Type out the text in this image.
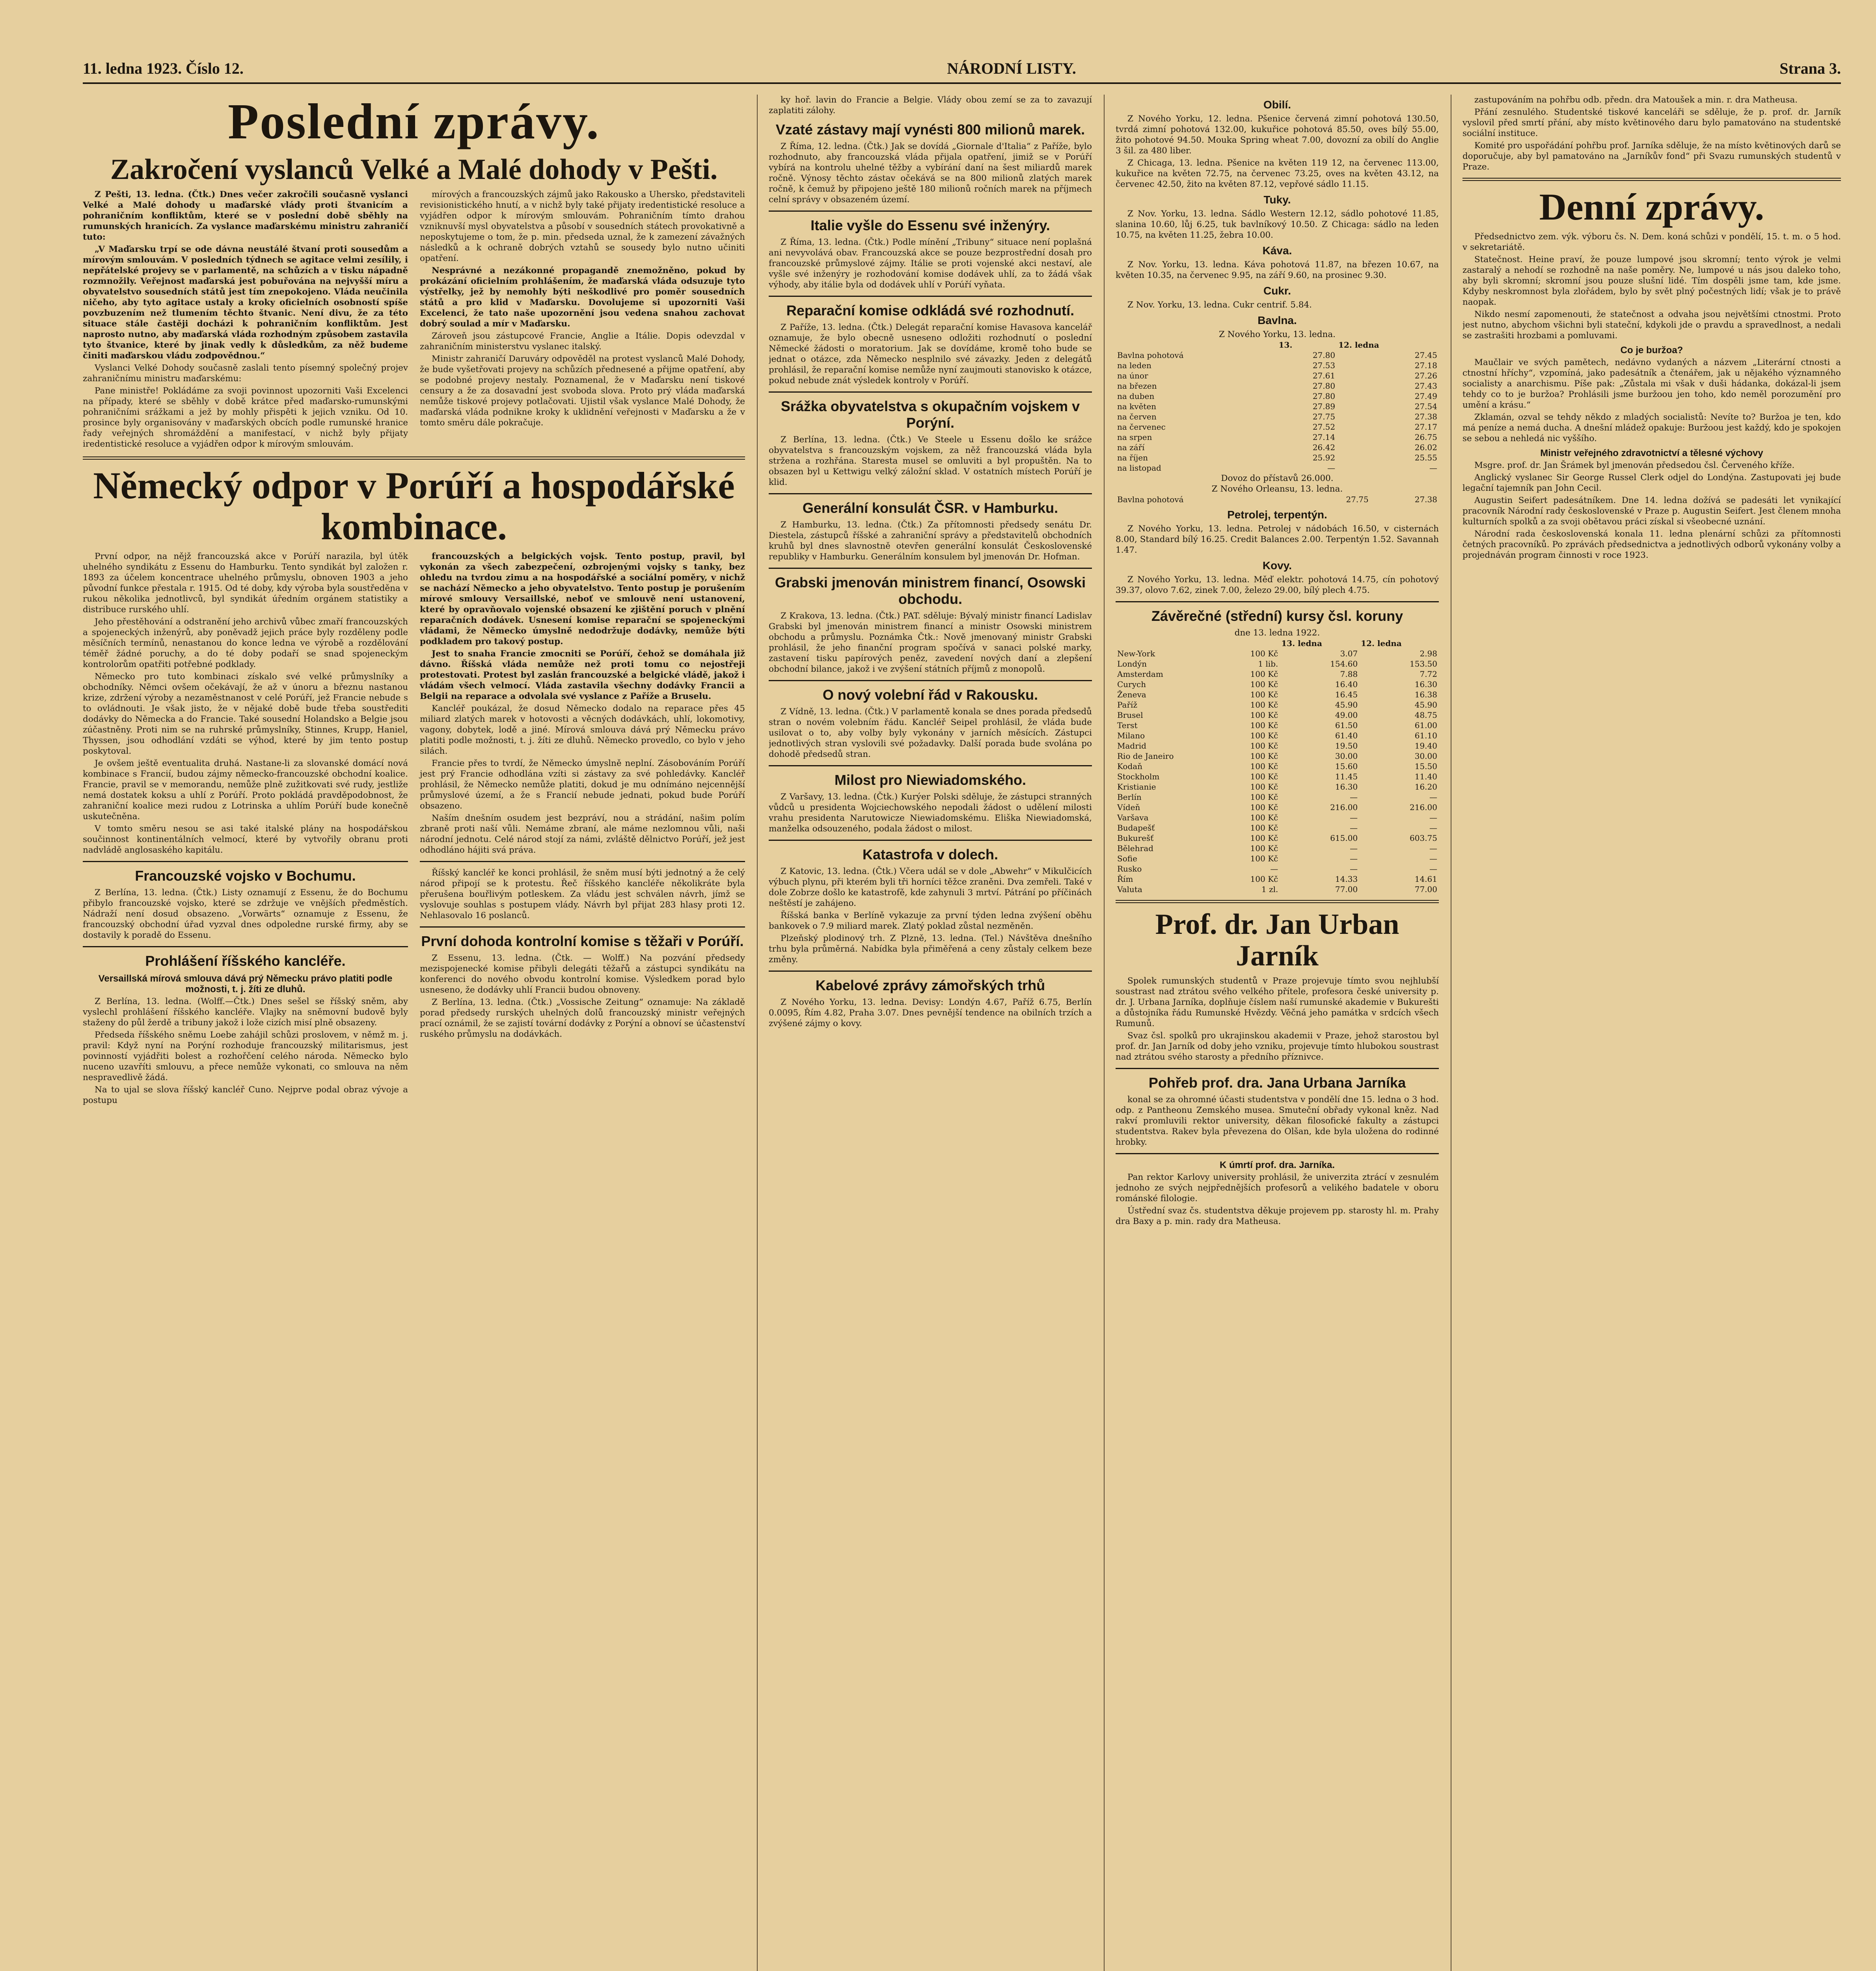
11. ledna 1923. Číslo 12.	NÁRODNÍ LISTY.	Strana 3.
Poslední zprávy.
Zakročení vyslanců Velké a Malé dohody v Pešti.

Z Pešti, 13. ledna. (Čtk.) Dnes večer zakročili současně vyslanci Velké a Malé dohody u maďarské vlády proti štvanicím a pohraničním konfliktům, které se v poslední době sběhly na rumunských hranicích. Za vyslance maďarskému ministru zahraničí tuto:

„V Maďarsku trpí se ode dávna neustálé štvaní proti sousedům a mírovým smlouvám. V posledních týdnech se agitace velmi zesílily, i nepřátelské projevy se v parlamentě, na schůzích a v tisku nápadně rozmnožily. Veřejnost maďarská jest pobuřována na nejvyšší míru a obyvatelstvo sousedních států jest tím znepokojeno. Vláda neučinila ničeho, aby tyto agitace ustaly a kroky oficielních osobností spíše povzbuzením než tlumením těchto štvanic. Není divu, že za této situace stále častěji docházi k pohraničním konfliktům. Jest naprosto nutno, aby maďarská vláda rozhodným způsobem zastavila tyto štvanice, které by jinak vedly k důsledkům, za něž budeme činiti maďarskou vládu zodpovědnou.“

Vyslanci Velké Dohody současně zaslali tento písemný společný projev zahraničnímu ministru maďarskému:

Pane ministře! Pokládáme za svoji povinnost upozorniti Vaši Excelenci na případy, které se sběhly v době krátce před maďarsko-rumunskými pohraničními srážkami a jež by mohly přispěti k jejich vzniku. Od 10. prosince byly organisovány v maďarských obcích podle rumunské hranice řady veřejných shromáždění a manifestací, v nichž byly přijaty iredentistické resoluce a vyjádřen odpor k mírovým smlouvám.

mírových a francouzských zájmů jako Rakousko a Uhersko, představiteli revisionistického hnutí, a v nichž byly také přijaty iredentistické resoluce a vyjádřen odpor k mírovým smlouvám. Pohraničním tímto drahou vzniknuvší mysl obyvatelstva a působí v sousedních státech provokativně a neposkytujeme o tom, že p. min. předseda uznal, že k zamezení závažných následků a k ochraně dobrých vztahů se sousedy bylo nutno učiniti opatření.

Nesprávné a nezákonné propagandě znemožněno, pokud by prokázání oficielním prohlášením, že maďarská vláda odsuzuje tyto výstřelky, jež by nemohly býti neškodlivé pro poměr sousedních států a pro klid v Maďarsku. Dovolujeme si upozorniti Vaši Excelenci, že tato naše upozornění jsou vedena snahou zachovat dobrý soulad a mír v Maďarsku.

Zároveň jsou zástupcové Francie, Anglie a Itálie. Dopis odevzdal v zahraničním ministerstvu vyslanec italský.

Ministr zahraničí Daruváry odpověděl na protest vyslanců Malé Dohody, že bude vyšetřovati projevy na schůzích přednesené a přijme opatření, aby se podobné projevy nestaly. Poznamenal, že v Maďarsku není tiskové censury a že za dosavadní jest svoboda slova. Proto prý vláda maďarská nemůže tiskové projevy potlačovati. Ujistil však vyslance Malé Dohody, že maďarská vláda podnikne kroky k uklidnění veřejnosti v Maďarsku a že v tomto směru dále pokračuje.

Německý odpor v Porúří a hospodářské kombinace.

První odpor, na nějž francouzská akce v Porúří narazila, byl útěk uhelného syndikátu z Essenu do Hamburku. Tento syndikát byl založen r. 1893 za účelem koncentrace uhelného průmyslu, obnoven 1903 a jeho původní funkce přestala r. 1915. Od té doby, kdy výroba byla soustředěna v rukou několika jednotlivců, byl syndikát úředním orgánem statistiky a distribuce rurského uhlí.

Jeho přestěhování a odstranění jeho archivů vůbec zmaří francouzských a spojeneckých inženýrů, aby poněvadž jejich práce byly rozděleny podle měsíčních termínů, nenastanou do konce ledna ve výrobě a rozdělování téměř žádné poruchy, a do té doby podaří se snad spojeneckým kontrolorům opatřiti potřebné podklady.

Německo pro tuto kombinaci získalo své velké průmyslníky a obchodníky. Němci ovšem očekávají, že až v únoru a březnu nastanou krize, zdržení výroby a nezaměstnanost v celé Porúří, jež Francie nebude s to ovládnouti. Je však jisto, že v nějaké době bude třeba soustřediti dodávky do Německa a do Francie. Také sousední Holandsko a Belgie jsou zúčastněny. Proti nim se na ruhrské průmyslníky, Stinnes, Krupp, Haniel, Thyssen, jsou odhodlání vzdáti se výhod, které by jim tento postup poskytoval.

Je ovšem ještě eventualita druhá. Nastane-li za slovanské domácí nová kombinace s Francií, budou zájmy německo-francouzské obchodní koalice. Francie, pravil se v memorandu, nemůže plně zužitkovati své rudy, jestliže nemá dostatek koksu a uhlí z Porúří. Proto pokládá pravděpodobnost, že zahraniční koalice mezi rudou z Lotrinska a uhlím Porúří bude konečně uskutečněna.

V tomto směru nesou se asi také italské plány na hospodářskou součinnost kontinentálních velmocí, které by vytvořily obranu proti nadvládě anglosaského kapitálu.

Francouzské vojsko v Bochumu.

Z Berlína, 13. ledna. (Čtk.) Listy oznamují z Essenu, že do Bochumu přibylo francouzské vojsko, které se zdržuje ve vnějších předměstích. Nádraží není dosud obsazeno. „Vorwärts“ oznamuje z Essenu, že francouzský obchodní úřad vyzval dnes odpoledne rurské firmy, aby se dostavily k poradě do Essenu.

Prohlášení říšského kancléře.
Versaillská mírová smlouva dává prý Německu právo platiti podle možnosti, t. j. žíti ze dluhů.

Z Berlína, 13. ledna. (Wolff.—Čtk.) Dnes sešel se říšský sněm, aby vyslechl prohlášení říšského kancléře. Vlajky na sněmovní budově byly staženy do půl žerdě a tribuny jakož i lože cizích misí plně obsazeny.

Předseda říšského sněmu Loebe zahájil schůzi proslovem, v němž m. j. pravil: Když nyní na Porýní rozhoduje francouzský militarismus, jest povinností vyjádřiti bolest a rozhořčení celého národa. Německo bylo nuceno uzavříti smlouvu, a přece nemůže vykonati, co smlouva na něm nespravedlivě žádá.

Na to ujal se slova říšský kancléř Cuno. Nejprve podal obraz vývoje a postupu

francouzských a belgických vojsk. Tento postup, pravil, byl vykonán za všech zabezpečení, ozbrojenými vojsky s tanky, bez ohledu na tvrdou zimu a na hospodářské a sociální poměry, v nichž se nachází Německo a jeho obyvatelstvo. Tento postup je porušením mírové smlouvy Versaillské, neboť ve smlouvě není ustanovení, které by opravňovalo vojenské obsazení ke zjištění poruch v plnění reparačních dodávek. Usnesení komise reparační se spojeneckými vládami, že Německo úmyslně nedodržuje dodávky, nemůže býti podkladem pro takový postup.

Jest to snaha Francie zmocniti se Porúří, čehož se domáhala již dávno. Říšská vláda nemůže než proti tomu co nejostřeji protestovati. Protest byl zaslán francouzské a belgické vládě, jakož i vládám všech velmocí. Vláda zastavila všechny dodávky Francii a Belgii na reparace a odvolala své vyslance z Paříže a Bruselu.

Kancléř poukázal, že dosud Německo dodalo na reparace přes 45 miliard zlatých marek v hotovosti a věcných dodávkách, uhlí, lokomotivy, vagony, dobytek, lodě a jiné. Mírová smlouva dává prý Německu právo platiti podle možnosti, t. j. žíti ze dluhů. Německo provedlo, co bylo v jeho silách.

Francie přes to tvrdí, že Německo úmyslně neplní. Zásobováním Porúří jest prý Francie odhodlána vzíti si zástavy za své pohledávky. Kancléř prohlásil, že Německo nemůže platiti, dokud je mu odnímáno nejcennější průmyslové území, a že s Francií nebude jednati, pokud bude Porúří obsazeno.

Naším dnešním osudem jest bezpráví, nou a strádání, našim polím zbraně proti naší vůli. Nemáme zbraní, ale máme nezlomnou vůli, naši národní jednotu. Celé národ stojí za námi, zvláště dělnictvo Porúří, jež jest odhodláno hájiti svá práva.

Říšský kancléř ke konci prohlásil, že sněm musí býti jednotný a že celý národ připojí se k protestu. Řeč říšského kancléře několikráte byla přerušena bouřlivým potleskem. Za vládu jest schválen návrh, jímž se vyslovuje souhlas s postupem vlády. Návrh byl přijat 283 hlasy proti 12. Nehlasovalo 16 poslanců.

První dohoda kontrolní komise s těžaři v Porúří.

Z Essenu, 13. ledna. (Čtk. — Wolff.) Na pozvání předsedy mezispojenecké komise přibyli delegáti těžařů a zástupci syndikátu na konferenci do nového obvodu kontrolní komise. Výsledkem porad bylo usneseno, že dodávky uhlí Francii budou obnoveny.

Z Berlína, 13. ledna. (Čtk.) „Vossische Zeitung“ oznamuje: Na základě porad předsedy rurských uhelných dolů francouzský ministr veřejných prací oznámil, že se zajistí tovární dodávky z Porýní a obnoví se účastenství ruského průmyslu na dodávkách.

ky hoř. lavin do Francie a Belgie. Vlády obou zemí se za to zavazují zaplatiti zálohy.

Vzaté zástavy mají vynésti 800 milionů marek.

Z Říma, 12. ledna. (Čtk.) Jak se dovídá „Giornale d'Italia“ z Paříže, bylo rozhodnuto, aby francouzská vláda přijala opatření, jimiž se v Porúří vybírá na kontrolu uhelné těžby a vybírání daní na šest miliardů marek ročně. Výnosy těchto zástav očekává se na 800 milionů zlatých marek ročně, k čemuž by připojeno ještě 180 milionů ročních marek na příjmech celní správy v obsazeném území.

Italie vyšle do Essenu své inženýry.

Z Říma, 13. ledna. (Čtk.) Podle mínění „Tribuny“ situace není poplašná ani nevyvolává obav. Francouzská akce se pouze bezprostřední dosah pro francouzské průmyslové zájmy. Itálie se proti vojenské akci nestaví, ale vyšle své inženýry je rozhodování komise dodávek uhlí, za to žádá však výhody, aby itálie byla od dodávek uhlí v Porúří vyňata.

Reparační komise odkládá své rozhodnutí.

Z Paříže, 13. ledna. (Čtk.) Delegát reparační komise Havasova kancelář oznamuje, že bylo obecně usneseno odložiti rozhodnutí o poslední Německé žádosti o moratorium. Jak se dovídáme, kromě toho bude se jednat o otázce, zda Německo nesplnilo své závazky. Jeden z delegátů prohlásil, že reparační komise nemůže nyní zaujmouti stanovisko k otázce, pokud nebude znát výsledek kontroly v Porúří.

Srážka obyvatelstva s okupačním vojskem v Porýní.

Z Berlína, 13. ledna. (Čtk.) Ve Steele u Essenu došlo ke srážce obyvatelstva s francouzským vojskem, za něž francouzská vláda byla stržena a rozhřána. Staresta musel se omluviti a byl propuštěn. Na to obsazen byl u Kettwigu velký záložní sklad. V ostatních místech Porúří je klid.

Generální konsulát ČSR. v Hamburku.

Z Hamburku, 13. ledna. (Čtk.) Za přítomnosti předsedy senátu Dr. Diestela, zástupců říšské a zahraniční správy a představitelů obchodních kruhů byl dnes slavnostně otevřen generální konsulát Československé republiky v Hamburku. Generálním konsulem byl jmenován Dr. Hofman.

Grabski jmenován ministrem financí, Osowski obchodu.

Z Krakova, 13. ledna. (Čtk.) PAT. sděluje: Bývalý ministr financí Ladislav Grabski byl jmenován ministrem financí a ministr Osowski ministrem obchodu a průmyslu. Poznámka Čtk.: Nově jmenovaný ministr Grabski prohlásil, že jeho finanční program spočívá v sanaci polské marky, zastavení tisku papírových peněz, zavedení nových daní a zlepšení obchodní bilance, jakož i ve zvýšení státních příjmů z monopolů.

O nový volební řád v Rakousku.

Z Vídně, 13. ledna. (Čtk.) V parlamentě konala se dnes porada předsedů stran o novém volebním řádu. Kancléř Seipel prohlásil, že vláda bude usilovat o to, aby volby byly vykonány v jarních měsících. Zástupci jednotlivých stran vyslovili své požadavky. Další porada bude svolána po dohodě předsedů stran.

Milost pro Niewiadomského.

Z Varšavy, 13. ledna. (Čtk.) Kurýer Polski sděluje, že zástupci stranných vůdců u presidenta Wojciechowského nepodali žádost o udělení milosti vrahu presidenta Narutowicze Niewiadomskému. Eliška Niewiadomská, manželka odsouzeného, podala žádost o milost.

Katastrofa v dolech.

Z Katovic, 13. ledna. (Čtk.) Včera udál se v dole „Abwehr“ v Mikulčicích výbuch plynu, při kterém byli tři horníci těžce zraněni. Dva zemřeli. Také v dole Zobrze došlo ke katastrofě, kde zahynuli 3 mrtví. Pátrání po příčinách neštěstí je zahájeno.

Říšská banka v Berlíně vykazuje za první týden ledna zvýšení oběhu bankovek o 7.9 miliard marek. Zlatý poklad zůstal nezměněn.

Plzeňský plodinový trh. Z Plzně, 13. ledna. (Tel.) Návštěva dnešního trhu byla průměrná. Nabídka byla přiměřená a ceny zůstaly celkem beze změny.

Kabelové zprávy zámořských trhů

Z Nového Yorku, 13. ledna. Devisy: Londýn 4.67, Paříž 6.75, Berlín 0.0095, Řím 4.82, Praha 3.07. Dnes pevnější tendence na obilních trzích a zvýšené zájmy o kovy.

Obilí.

Z Nového Yorku, 12. ledna. Pšenice červená zimní pohotová 130.50, tvrdá zimní pohotová 132.00, kukuřice pohotová 85.50, oves bílý 55.00, žito pohotové 94.50. Mouka Spring wheat 7.00, dovozní za obilí do Anglie 3 šil. za 480 liber.

Z Chicaga, 13. ledna. Pšenice na květen 119 12, na červenec 113.00, kukuřice na květen 72.75, na červenec 73.25, oves na květen 43.12, na červenec 42.50, žito na květen 87.12, vepřové sádlo 11.15.

Tuky.

Z Nov. Yorku, 13. ledna. Sádlo Western 12.12, sádlo pohotové 11.85, slanina 10.60, lůj 6.25, tuk bavlníkový 10.50. Z Chicaga: sádlo na leden 10.75, na květen 11.25, žebra 10.00.

Káva.

Z Nov. Yorku, 13. ledna. Káva pohotová 11.87, na březen 10.67, na květen 10.35, na červenec 9.95, na září 9.60, na prosinec 9.30.

Cukr.

Z Nov. Yorku, 13. ledna. Cukr centrif. 5.84.

Bavlna.
Z Nového Yorku, 13. ledna.
	13.	12. ledna
Bavlna pohotová	27.80	27.45
na leden	27.53	27.18
na únor	27.61	27.26
na březen	27.80	27.43
na duben	27.80	27.49
na květen	27.89	27.54
na červen	27.75	27.38
na červenec	27.52	27.17
na srpen	27.14	26.75
na září	26.42	26.02
na říjen	25.92	25.55
na listopad	—	—
Dovoz do přístavů 26.000.
Z Nového Orleansu, 13. ledna.
Bavlna pohotová	27.75	27.38
Petrolej, terpentýn.

Z Nového Yorku, 13. ledna. Petrolej v nádobách 16.50, v cisternách 8.00, Standard bílý 16.25. Credit Balances 2.00. Terpentýn 1.52. Savannah 1.47.

Kovy.

Z Nového Yorku, 13. ledna. Měď elektr. pohotová 14.75, cín pohotový 39.37, olovo 7.62, zinek 7.00, železo 29.00, bílý plech 4.75.

Závěrečné (střední) kursy čsl. koruny
dne 13. ledna 1922.
		13. ledna	12. ledna
New-York	100 Kč	3.07	2.98
Londýn	1 lib.	154.60	153.50
Amsterdam	100 Kč	7.88	7.72
Curych	100 Kč	16.40	16.30
Ženeva	100 Kč	16.45	16.38
Paříž	100 Kč	45.90	45.90
Brusel	100 Kč	49.00	48.75
Terst	100 Kč	61.50	61.00
Milano	100 Kč	61.40	61.10
Madrid	100 Kč	19.50	19.40
Rio de Janeiro	100 Kč	30.00	30.00
Kodaň	100 Kč	15.60	15.50
Stockholm	100 Kč	11.45	11.40
Kristianie	100 Kč	16.30	16.20
Berlín	100 Kč	—	—
Vídeň	100 Kč	216.00	216.00
Varšava	100 Kč	—	—
Budapešť	100 Kč	—	—
Bukurešť	100 Kč	615.00	603.75
Bělehrad	100 Kč	—	—
Sofie	100 Kč	—	—
Rusko	—	—	—
Řím	100 Kč	14.33	14.61
Valuta	1 zl.	77.00	77.00
Prof. dr. Jan Urban Jarník

Spolek rumunských studentů v Praze projevuje tímto svou nejhlubší soustrast nad ztrátou svého velkého přítele, profesora české university p. dr. J. Urbana Jarníka, doplňuje číslem naší rumunské akademie v Bukurešti a důstojníka řádu Rumunské Hvězdy. Věčná jeho památka v srdcích všech Rumunů.

Svaz čsl. spolků pro ukrajinskou akademii v Praze, jehož starostou byl prof. dr. Jan Jarník od doby jeho vzniku, projevuje tímto hlubokou soustrast nad ztrátou svého starosty a předního příznivce.

Pohřeb prof. dra. Jana Urbana Jarníka

konal se za ohromné účasti studentstva v pondělí dne 15. ledna o 3 hod. odp. z Pantheonu Zemského musea. Smuteční obřady vykonal kněz. Nad rakví promluvili rektor university, děkan filosofické fakulty a zástupci studentstva. Rakev byla převezena do Olšan, kde byla uložena do rodinné hrobky.

K úmrtí prof. dra. Jarníka.

Pan rektor Karlovy university prohlásil, že univerzita ztrácí v zesnulém jednoho ze svých nejpřednějších profesorů a velikého badatele v oboru románské filologie.

Ústřední svaz čs. studentstva děkuje projevem pp. starosty hl. m. Prahy dra Baxy a p. min. rady dra Matheusa.

zastupováním na pohřbu odb. předn. dra Matoušek a min. r. dra Matheusa.

Přání zesnulého. Studentské tiskové kanceláři se sděluje, že p. prof. dr. Jarník vyslovil před smrtí přání, aby místo květinového daru bylo pamatováno na studentské sociální instituce.

Komité pro uspořádání pohřbu prof. Jarníka sděluje, že na místo květinových darů se doporučuje, aby byl pamatováno na „Jarníkův fond“ při Svazu rumunských studentů v Praze.

Denní zprávy.

Předsednictvo zem. výk. výboru čs. N. Dem. koná schůzi v pondělí, 15. t. m. o 5 hod. v sekretariátě.

Statečnost. Heine praví, že pouze lumpové jsou skromní; tento výrok je velmi zastaralý a nehodí se rozhodně na naše poměry. Ne, lumpové u nás jsou daleko toho, aby byli skromní; skromní jsou pouze slušní lidé. Tím dospěli jsme tam, kde jsme. Kdyby neskromnost byla zlořádem, bylo by svět plný počestných lidí; však je to právě naopak.

Nikdo nesmí zapomenouti, že statečnost a odvaha jsou největšími ctnostmi. Proto jest nutno, abychom všichni byli stateční, kdykoli jde o pravdu a spravedlnost, a nedali se zastrašiti hrozbami a pomluvami.

Co je buržoa?

Maučlair ve svých pamětech, nedávno vydaných a názvem „Literární ctnosti a ctnostní hříchy“, vzpomíná, jako padesátník a čtenářem, jak u nějakého významného socialisty a anarchismu. Píše pak: „Zůstala mi však v duši hádanka, dokázal-li jsem tehdy co to je buržoa? Prohlásili jsme buržoou jen toho, kdo neměl porozumění pro umění a krásu.“

Zklamán, ozval se tehdy někdo z mladých socialistů: Nevíte to? Buržoa je ten, kdo má peníze a nemá ducha. A dnešní mládež opakuje: Buržoou jest každý, kdo je spokojen se sebou a nehledá nic vyššího.

Ministr veřejného zdravotnictví a tělesné výchovy

Msgre. prof. dr. Jan Šrámek byl jmenován předsedou čsl. Červeného kříže.

Anglický vyslanec Sir George Russel Clerk odjel do Londýna. Zastupovati jej bude legační tajemník pan John Cecil.

Augustin Seifert padesátníkem. Dne 14. ledna dožívá se padesáti let vynikající pracovník Národní rady československé v Praze p. Augustin Seifert. Jest členem mnoha kulturních spolků a za svoji obětavou práci získal si všeobecné uznání.

Národní rada československá konala 11. ledna plenární schůzi za přítomnosti četných pracovníků. Po zprávách předsednictva a jednotlivých odborů vykonány volby a projednáván program činnosti v roce 1923.
